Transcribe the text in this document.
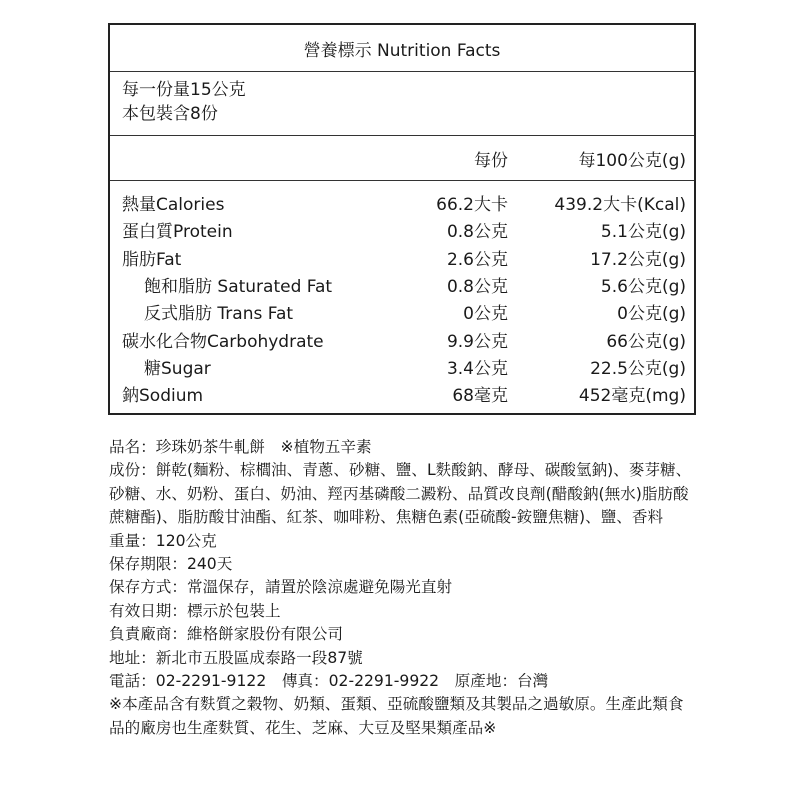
營養標示 Nutrition Facts
每一份量15公克
本包裝含8份
每份	每100公克(g)
熱量Calories	66.2大卡	439.2大卡(Kcal)
蛋白質Protein	0.8公克	5.1公克(g)
脂肪Fat	2.6公克	17.2公克(g)
飽和脂肪 Saturated Fat	0.8公克	5.6公克(g)
反式脂肪 Trans Fat	0公克	0公克(g)
碳水化合物Carbohydrate	9.9公克	66公克(g)
糖Sugar	3.4公克	22.5公克(g)
鈉Sodium	68毫克	452毫克(mg)

品名：珍珠奶茶牛軋餅　※植物五辛素

成份：餅乾(麵粉、棕櫚油、青蔥、砂糖、鹽、L麩酸鈉、酵母、碳酸氫鈉)、麥芽糖、砂糖、水、奶粉、蛋白、奶油、羥丙基磷酸二澱粉、品質改良劑(醋酸鈉(無水)脂肪酸蔗糖酯)、脂肪酸甘油酯、紅茶、咖啡粉、焦糖色素(亞硫酸-銨鹽焦糖)、鹽、香料

重量：120公克

保存期限：240天

保存方式：常溫保存，請置於陰涼處避免陽光直射

有效日期：標示於包裝上

負責廠商：維格餅家股份有限公司

地址：新北市五股區成泰路一段87號

電話：02-2291-9122　傳真：02-2291-9922　原產地：台灣

※本產品含有麩質之穀物、奶類、蛋類、亞硫酸鹽類及其製品之過敏原。生產此類食品的廠房也生產麩質、花生、芝麻、大豆及堅果類產品※
